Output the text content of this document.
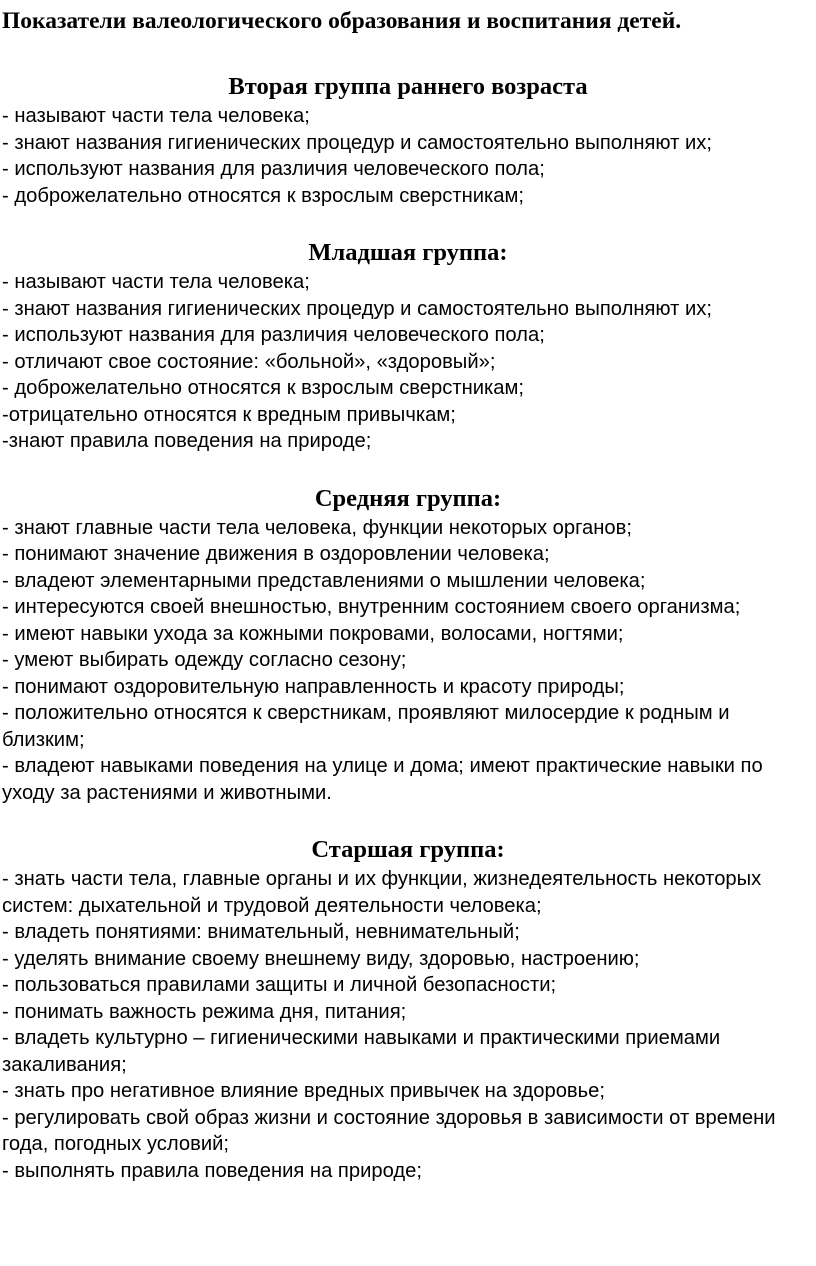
Показатели валеологического образования и воспитания детей.
Вторая группа раннего возраста
- называют части тела человека;
- знают названия гигиенических процедур и самостоятельно выполняют их;
- используют названия для различия человеческого пола;
- доброжелательно относятся к взрослым сверстникам;
Младшая группа:
- называют части тела человека;
- знают названия гигиенических процедур и самостоятельно выполняют их;
- используют названия для различия человеческого пола;
- отличают свое состояние: «больной», «здоровый»;
- доброжелательно относятся к взрослым сверстникам;
-отрицательно относятся к вредным привычкам;
-знают правила поведения на природе;
Средняя группа:
- знают главные части тела человека, функции некоторых органов;
- понимают значение движения в оздоровлении человека;
- владеют элементарными представлениями о мышлении человека;
- интересуются своей внешностью, внутренним состоянием своего организма;
- имеют навыки ухода за кожными покровами, волосами, ногтями;
- умеют выбирать одежду согласно сезону;
- понимают оздоровительную направленность и красоту природы;
- положительно относятся к сверстникам, проявляют милосердие к родным и близким;
- владеют навыками поведения на улице и дома; имеют практические навыки по уходу за растениями и животными.
Старшая группа:
- знать части тела, главные органы и их функции, жизнедеятельность некоторых систем: дыхательной и трудовой деятельности человека;
- владеть понятиями: внимательный, невнимательный;
- уделять внимание своему внешнему виду, здоровью, настроению;
- пользоваться правилами защиты и личной безопасности;
- понимать важность режима дня, питания;
- владеть культурно – гигиеническими навыками и практическими приемами закаливания;
- знать про негативное влияние вредных привычек на здоровье;
- регулировать свой образ жизни и состояние здоровья в зависимости от времени года, погодных условий;
- выполнять правила поведения на природе;
